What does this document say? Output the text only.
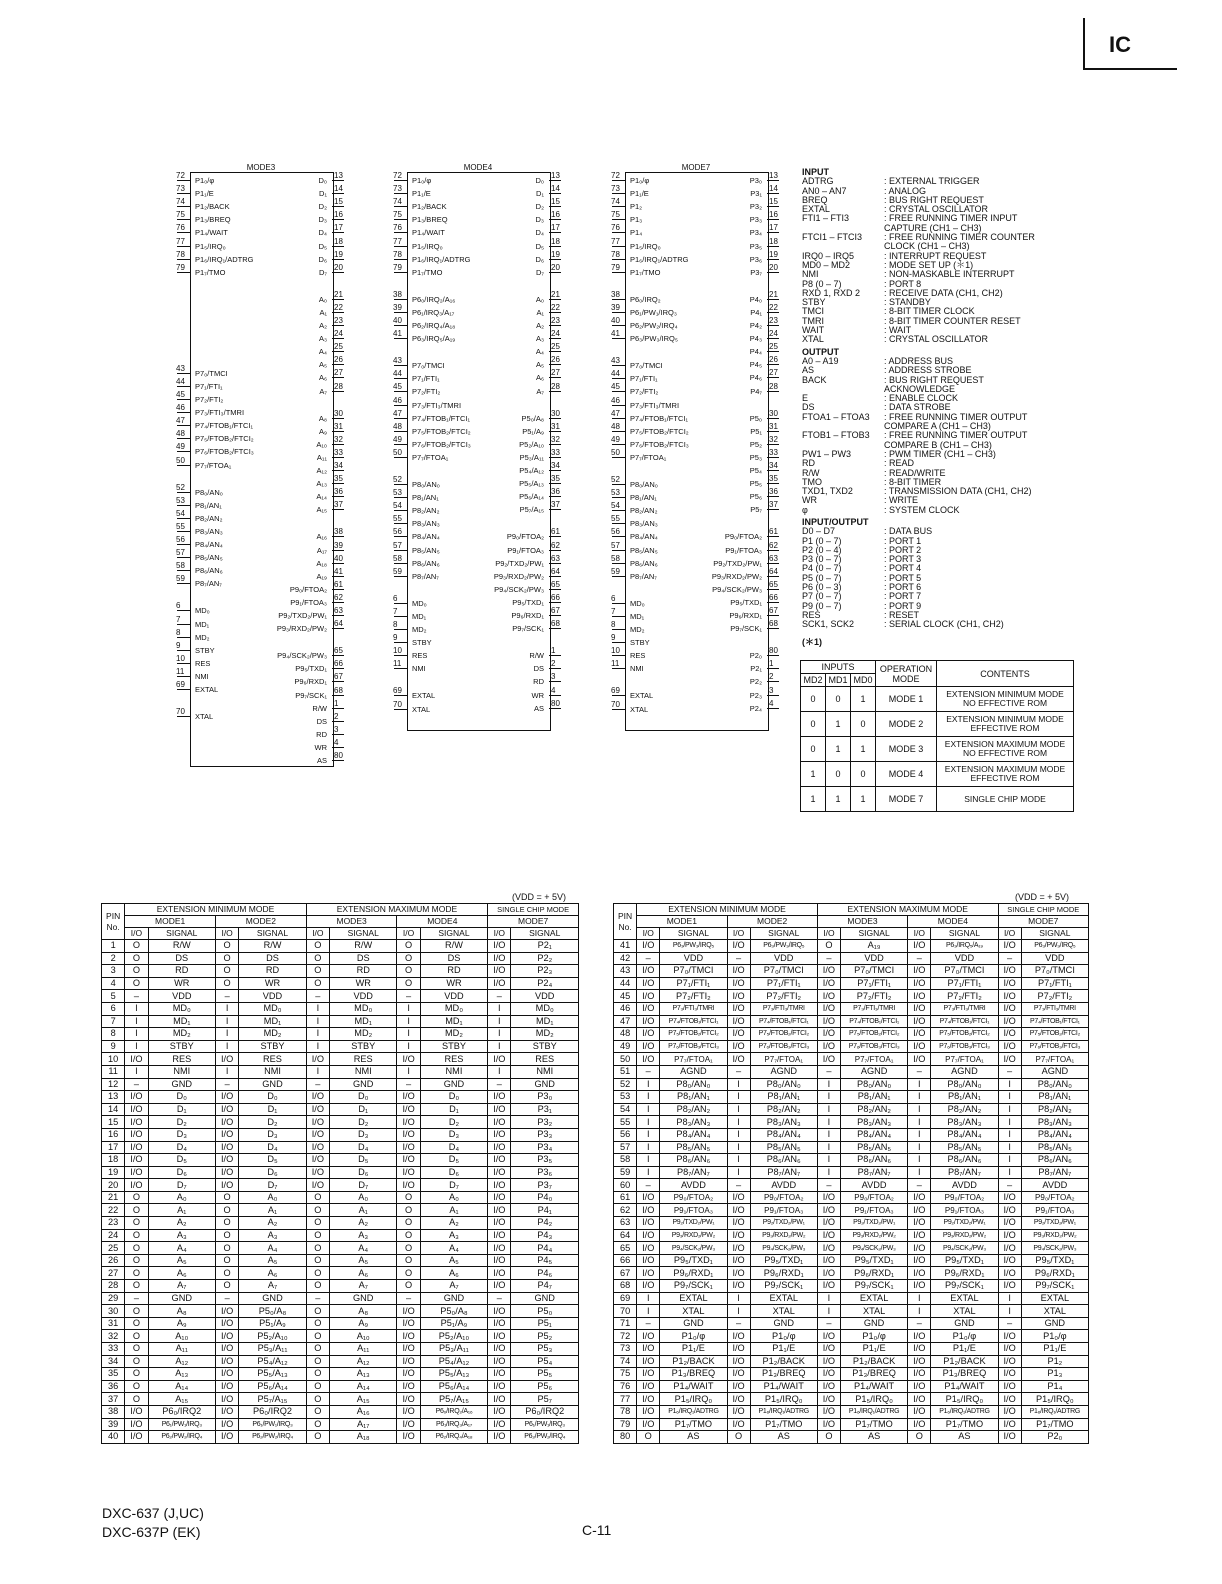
IC
MODE3
P1₀/φ
72
P1₁/E
73
P1₂/BACK
74
P1₃/BREQ
75
P1₄/WAIT
76
P1₅/IRQ₀
77
P1₆/IRQ₁/ADTRG
78
P1₇/TMO
79
P7₀/TMCI
43
P7₁/FTI₁
44
P7₂/FTI₂
45
P7₃/FTI₃/TMRI
46
P7₄/FTOB₁/FTCI₁
47
P7₅/FTOB₂/FTCI₂
48
P7₆/FTOB₂/FTCI₃
49
P7₇/FTOA₁
50
P8₀/AN₀
52
P8₁/AN₁
53
P8₂/AN₂
54
P8₃/AN₃
55
P8₄/AN₄
56
P8₅/AN₅
57
P8₆/AN₆
58
P8₇/AN₇
59
MD₀
6
MD₁
7
MD₂
8
STBY
9
RES
10
NMI
11
EXTAL
69
XTAL
70
D₀
13
D₁
14
D₂
15
D₃
16
D₄
17
D₅
18
D₆
19
D₇
20
A₀
21
A₁
22
A₂
23
A₃
24
A₄
25
A₅
26
A₆
27
A₇
28
A₈
30
A₉
31
A₁₀
32
A₁₁
33
A₁₂
34
A₁₃
35
A₁₄
36
A₁₅
37
A₁₆
38
A₁₇
39
A₁₈
40
A₁₉
41
P9₀/FTOA₂
61
P9₁/FTOA₃
62
P9₂/TXD₂/PW₁
63
P9₃/RXD₂/PW₂
64
P9₄/SCK₂/PW₃
65
P9₅/TXD₁
66
P9₆/RXD₁
67
P9₇/SCK₁
68
R/W
1
DS
2
RD
3
WR
4
AS
80
MODE4
P1₀/φ
72
P1₁/E
73
P1₂/BACK
74
P1₃/BREQ
75
P1₄/WAIT
76
P1₅/IRQ₀
77
P1₆/IRQ₁/ADTRG
78
P1₇/TMO
79
P6₀/IRQ₂/A₁₆
38
P6₁/IRQ₃/A₁₇
39
P6₂/IRQ₄/A₁₈
40
P6₃/IRQ₅/A₁₉
41
P7₀/TMCI
43
P7₁/FTI₁
44
P7₂/FTI₂
45
P7₃/FTI₃/TMRI
46
P7₄/FTOB₁/FTCI₁
47
P7₅/FTOB₂/FTCI₂
48
P7₆/FTOB₂/FTCI₃
49
P7₇/FTOA₁
50
P8₀/AN₀
52
P8₁/AN₁
53
P8₂/AN₂
54
P8₃/AN₃
55
P8₄/AN₄
56
P8₅/AN₅
57
P8₆/AN₆
58
P8₇/AN₇
59
MD₀
6
MD₁
7
MD₂
8
STBY
9
RES
10
NMI
11
EXTAL
69
XTAL
70
D₀
13
D₁
14
D₂
15
D₃
16
D₄
17
D₅
18
D₆
19
D₇
20
A₀
21
A₁
22
A₂
23
A₃
24
A₄
25
A₅
26
A₆
27
A₇
28
P5₀/A₈
30
P5₁/A₉
31
P5₂/A₁₀
32
P5₃/A₁₁
33
P5₄/A₁₂
34
P5₅/A₁₃
35
P5₆/A₁₄
36
P5₇/A₁₅
37
P9₀/FTOA₂
61
P9₁/FTOA₃
62
P9₂/TXD₂/PW₁
63
P9₃/RXD₂/PW₂
64
P9₄/SCK₂/PW₃
65
P9₅/TXD₁
66
P9₆/RXD₁
67
P9₇/SCK₁
68
R/W
1
DS
2
RD
3
WR
4
AS
80
MODE7
P1₀/φ
72
P1₁/E
73
P1₂
74
P1₃
75
P1₄
76
P1₅/IRQ₀
77
P1₆/IRQ₁/ADTRG
78
P1₇/TMO
79
P6₀/IRQ₂
38
P6₁/PW₁/IRQ₃
39
P6₂/PW₂/IRQ₄
40
P6₃/PW₃/IRQ₅
41
P7₀/TMCI
43
P7₁/FTI₁
44
P7₂/FTI₂
45
P7₃/FTI₃/TMRI
46
P7₄/FTOB₁/FTCI₁
47
P7₅/FTOB₂/FTCI₂
48
P7₆/FTOB₂/FTCI₃
49
P7₇/FTOA₁
50
P8₀/AN₀
52
P8₁/AN₁
53
P8₂/AN₂
54
P8₃/AN₃
55
P8₄/AN₄
56
P8₅/AN₅
57
P8₆/AN₆
58
P8₇/AN₇
59
MD₀
6
MD₁
7
MD₂
8
STBY
9
RES
10
NMI
11
EXTAL
69
XTAL
70
P3₀
13
P3₁
14
P3₂
15
P3₃
16
P3₄
17
P3₅
18
P3₆
19
P3₇
20
P4₀
21
P4₁
22
P4₂
23
P4₃
24
P4₄
25
P4₅
26
P4₆
27
P4₇
28
P5₀
30
P5₁
31
P5₂
32
P5₃
33
P5₄
34
P5₅
35
P5₆
36
P5₇
37
P9₀/FTOA₂
61
P9₁/FTOA₃
62
P9₂/TXD₂/PW₁
63
P9₃/RXD₂/PW₂
64
P9₄/SCK₂/PW₃
65
P9₅/TXD₁
66
P9₆/RXD₁
67
P9₇/SCK₁
68
P2₀
80
P2₁
1
P2₂
2
P2₃
3
P2₄
4
INPUT
ADTRG	: EXTERNAL TRIGGER
AN0 – AN7	: ANALOG
BREQ	: BUS RIGHT REQUEST
EXTAL	: CRYSTAL OSCILLATOR
FTI1 – FTI3	: FREE RUNNING TIMER INPUT
CAPTURE (CH1 – CH3)
FTCI1 – FTCI3	: FREE RUNNING TIMER COUNTER
CLOCK (CH1 – CH3)
IRQ0 – IRQ5	: INTERRUPT REQUEST
MD0 – MD2	: MODE SET UP (＊1)
NMI	: NON-MASKABLE INTERRUPT
P8 (0 – 7)	: PORT 8
RXD 1, RXD 2	: RECEIVE DATA (CH1, CH2)
STBY	: STANDBY
TMCI	: 8-BIT TIMER CLOCK
TMRI	: 8-BIT TIMER COUNTER RESET
WAIT	: WAIT
XTAL	: CRYSTAL OSCILLATOR
OUTPUT
A0 – A19	: ADDRESS BUS
AS	: ADDRESS STROBE
BACK	: BUS RIGHT REQUEST
ACKNOWLEDGE
E	: ENABLE CLOCK
DS	: DATA STROBE
FTOA1 – FTOA3	: FREE RUNNING TIMER OUTPUT
COMPARE A (CH1 – CH3)
FTOB1 – FTOB3	: FREE RUNNING TIMER OUTPUT
COMPARE B (CH1 – CH3)
PW1 – PW3	: PWM TIMER (CH1 – CH3)
RD	: READ
R/W	: READ/WRITE
TMO	: 8-BIT TIMER
TXD1, TXD2	: TRANSMISSION DATA (CH1, CH2)
WR	: WRITE
φ	: SYSTEM CLOCK
INPUT/OUTPUT
D0 – D7	: DATA BUS
P1 (0 – 7)	: PORT 1
P2 (0 – 4)	: PORT 2
P3 (0 – 7)	: PORT 3
P4 (0 – 7)	: PORT 4
P5 (0 – 7)	: PORT 5
P6 (0 – 3)	: PORT 6
P7 (0 – 7)	: PORT 7
P9 (0 – 7)	: PORT 9
RES	: RESET
SCK1, SCK2	: SERIAL CLOCK (CH1, CH2)
(＊1)
INPUTS			OPERATION MODE	CONTENTS
MD2	MD1	MD0		
0	0	1	MODE 1	EXTENSION MINIMUM MODE NO EFFECTIVE ROM
0	1	0	MODE 2	EXTENSION MINIMUM MODE EFFECTIVE ROM
0	1	1	MODE 3	EXTENSION MAXIMUM MODE NO EFFECTIVE ROM
1	0	0	MODE 4	EXTENSION MAXIMUM MODE EFFECTIVE ROM
1	1	1	MODE 7	SINGLE CHIP MODE
(VDD = + 5V)
PIN No.	EXTENSION MINIMUM MODE				EXTENSION MAXIMUM MODE				SINGLE CHIP MODE	
	MODE1		MODE2		MODE3		MODE4		MODE7	
	I/O	SIGNAL	I/O	SIGNAL	I/O	SIGNAL	I/O	SIGNAL	I/O	SIGNAL
1	O	R/W	O	R/W	O	R/W	O	R/W	I/O	P2₁
2	O	DS	O	DS	O	DS	O	DS	I/O	P2₂
3	O	RD	O	RD	O	RD	O	RD	I/O	P2₃
4	O	WR	O	WR	O	WR	O	WR	I/O	P2₄
5	–	VDD	–	VDD	–	VDD	–	VDD	–	VDD
6	I	MD₀	I	MD₀	I	MD₀	I	MD₀	I	MD₀
7	I	MD₁	I	MD₁	I	MD₁	I	MD₁	I	MD₁
8	I	MD₂	I	MD₂	I	MD₂	I	MD₂	I	MD₂
9	I	STBY	I	STBY	I	STBY	I	STBY	I	STBY
10	I/O	RES	I/O	RES	I/O	RES	I/O	RES	I/O	RES
11	I	NMI	I	NMI	I	NMI	I	NMI	I	NMI
12	–	GND	–	GND	–	GND	–	GND	–	GND
13	I/O	D₀	I/O	D₀	I/O	D₀	I/O	D₀	I/O	P3₀
14	I/O	D₁	I/O	D₁	I/O	D₁	I/O	D₁	I/O	P3₁
15	I/O	D₂	I/O	D₂	I/O	D₂	I/O	D₂	I/O	P3₂
16	I/O	D₃	I/O	D₃	I/O	D₃	I/O	D₃	I/O	P3₃
17	I/O	D₄	I/O	D₄	I/O	D₄	I/O	D₄	I/O	P3₄
18	I/O	D₅	I/O	D₅	I/O	D₅	I/O	D₅	I/O	P3₅
19	I/O	D₆	I/O	D₆	I/O	D₆	I/O	D₆	I/O	P3₆
20	I/O	D₇	I/O	D₇	I/O	D₇	I/O	D₇	I/O	P3₇
21	O	A₀	O	A₀	O	A₀	O	A₀	I/O	P4₀
22	O	A₁	O	A₁	O	A₁	O	A₁	I/O	P4₁
23	O	A₂	O	A₂	O	A₂	O	A₂	I/O	P4₂
24	O	A₃	O	A₃	O	A₃	O	A₃	I/O	P4₃
25	O	A₄	O	A₄	O	A₄	O	A₄	I/O	P4₄
26	O	A₅	O	A₅	O	A₅	O	A₅	I/O	P4₅
27	O	A₆	O	A₆	O	A₆	O	A₆	I/O	P4₆
28	O	A₇	O	A₇	O	A₇	O	A₇	I/O	P4₇
29	–	GND	–	GND	–	GND	–	GND	–	GND
30	O	A₈	I/O	P5₀/A₈	O	A₈	I/O	P5₀/A₈	I/O	P5₀
31	O	A₉	I/O	P5₁/A₉	O	A₉	I/O	P5₁/A₉	I/O	P5₁
32	O	A₁₀	I/O	P5₂/A₁₀	O	A₁₀	I/O	P5₂/A₁₀	I/O	P5₂
33	O	A₁₁	I/O	P5₃/A₁₁	O	A₁₁	I/O	P5₃/A₁₁	I/O	P5₃
34	O	A₁₂	I/O	P5₄/A₁₂	O	A₁₂	I/O	P5₄/A₁₂	I/O	P5₄
35	O	A₁₃	I/O	P5₅/A₁₃	O	A₁₃	I/O	P5₅/A₁₃	I/O	P5₅
36	O	A₁₄	I/O	P5₆/A₁₄	O	A₁₄	I/O	P5₆/A₁₄	I/O	P5₆
37	O	A₁₅	I/O	P5₇/A₁₅	O	A₁₅	I/O	P5₇/A₁₅	I/O	P5₇
38	I/O	P6₀/IRQ2	I/O	P6₀/IRQ2	O	A₁₆	I/O	P6₀/IRQ₂/A₁₆	I/O	P6₀/IRQ2
39	I/O	P6₁/PW₁/IRQ₃	I/O	P6₁/PW₁/IRQ₃	O	A₁₇	I/O	P6₁/IRQ₃/A₁₇	I/O	P6₁/PW₁/IRQ₃
40	I/O	P6₂/PW₂/IRQ₄	I/O	P6₂/PW₂/IRQ₄	O	A₁₈	I/O	P6₂/IRQ₄/A₁₈	I/O	P6₂/PW₂/IRQ₄
(VDD = + 5V)
PIN No.	EXTENSION MINIMUM MODE				EXTENSION MAXIMUM MODE				SINGLE CHIP MODE	
	MODE1		MODE2		MODE3		MODE4		MODE7	
	I/O	SIGNAL	I/O	SIGNAL	I/O	SIGNAL	I/O	SIGNAL	I/O	SIGNAL
41	I/O	P6₃/PW₃/IRQ₅	I/O	P6₃/PW₃/IRQ₅	O	A₁₉	I/O	P6₃/IRQ₅/A₁₉	I/O	P6₃/PW₃/IRQ₅
42	–	VDD	–	VDD	–	VDD	–	VDD	–	VDD
43	I/O	P7₀/TMCI	I/O	P7₀/TMCI	I/O	P7₀/TMCI	I/O	P7₀/TMCI	I/O	P7₀/TMCI
44	I/O	P7₁/FTI₁	I/O	P7₁/FTI₁	I/O	P7₁/FTI₁	I/O	P7₁/FTI₁	I/O	P7₁/FTI₁
45	I/O	P7₂/FTI₂	I/O	P7₂/FTI₂	I/O	P7₂/FTI₂	I/O	P7₂/FTI₂	I/O	P7₂/FTI₂
46	I/O	P7₃/FTI₃/TMRI	I/O	P7₃/FTI₃/TMRI	I/O	P7₃/FTI₃/TMRI	I/O	P7₃/FTI₃/TMRI	I/O	P7₃/FTI₃/TMRI
47	I/O	P7₄/FTOB₁/FTCI₁	I/O	P7₄/FTOB₁/FTCI₁	I/O	P7₄/FTOB₁/FTCI₁	I/O	P7₄/FTOB₁/FTCI₁	I/O	P7₄/FTOB₁/FTCI₁
48	I/O	P7₅/FTOB₂/FTCI₂	I/O	P7₅/FTOB₂/FTCI₂	I/O	P7₅/FTOB₂/FTCI₂	I/O	P7₅/FTOB₂/FTCI₂	I/O	P7₅/FTOB₂/FTCI₂
49	I/O	P7₆/FTOB₃/FTCI₃	I/O	P7₆/FTOB₃/FTCI₃	I/O	P7₆/FTOB₃/FTCI₃	I/O	P7₆/FTOB₃/FTCI₃	I/O	P7₆/FTOB₃/FTCI₃
50	I/O	P7₇/FTOA₁	I/O	P7₇/FTOA₁	I/O	P7₇/FTOA₁	I/O	P7₇/FTOA₁	I/O	P7₇/FTOA₁
51	–	AGND	–	AGND	–	AGND	–	AGND	–	AGND
52	I	P8₀/AN₀	I	P8₀/AN₀	I	P8₀/AN₀	I	P8₀/AN₀	I	P8₀/AN₀
53	I	P8₁/AN₁	I	P8₁/AN₁	I	P8₁/AN₁	I	P8₁/AN₁	I	P8₁/AN₁
54	I	P8₂/AN₂	I	P8₂/AN₂	I	P8₂/AN₂	I	P8₂/AN₂	I	P8₂/AN₂
55	I	P8₃/AN₃	I	P8₃/AN₃	I	P8₃/AN₃	I	P8₃/AN₃	I	P8₃/AN₃
56	I	P8₄/AN₄	I	P8₄/AN₄	I	P8₄/AN₄	I	P8₄/AN₄	I	P8₄/AN₄
57	I	P8₅/AN₅	I	P8₅/AN₅	I	P8₅/AN₅	I	P8₅/AN₅	I	P8₅/AN₅
58	I	P8₆/AN₆	I	P8₆/AN₆	I	P8₆/AN₆	I	P8₆/AN₆	I	P8₆/AN₆
59	I	P8₇/AN₇	I	P8₇/AN₇	I	P8₇/AN₇	I	P8₇/AN₇	I	P8₇/AN₇
60	–	AVDD	–	AVDD	–	AVDD	–	AVDD	–	AVDD
61	I/O	P9₀/FTOA₂	I/O	P9₀/FTOA₂	I/O	P9₀/FTOA₂	I/O	P9₀/FTOA₂	I/O	P9₀/FTOA₂
62	I/O	P9₁/FTOA₃	I/O	P9₁/FTOA₃	I/O	P9₁/FTOA₃	I/O	P9₁/FTOA₃	I/O	P9₁/FTOA₃
63	I/O	P9₂/TXD₂/PW₁	I/O	P9₂/TXD₂/PW₁	I/O	P9₂/TXD₂/PW₁	I/O	P9₂/TXD₂/PW₁	I/O	P9₂/TXD₂/PW₁
64	I/O	P9₃/RXD₂/PW₂	I/O	P9₃/RXD₂/PW₂	I/O	P9₃/RXD₂/PW₂	I/O	P9₃/RXD₂/PW₂	I/O	P9₃/RXD₂/PW₂
65	I/O	P9₄/SCK₂/PW₃	I/O	P9₄/SCK₂/PW₃	I/O	P9₄/SCK₂/PW₃	I/O	P9₄/SCK₂/PW₃	I/O	P9₄/SCK₂/PW₃
66	I/O	P9₅/TXD₁	I/O	P9₅/TXD₁	I/O	P9₅/TXD₁	I/O	P9₅/TXD₁	I/O	P9₅/TXD₁
67	I/O	P9₆/RXD₁	I/O	P9₆/RXD₁	I/O	P9₆/RXD₁	I/O	P9₆/RXD₁	I/O	P9₆/RXD₁
68	I/O	P9₇/SCK₁	I/O	P9₇/SCK₁	I/O	P9₇/SCK₁	I/O	P9₇/SCK₁	I/O	P9₇/SCK₁
69	I	EXTAL	I	EXTAL	I	EXTAL	I	EXTAL	I	EXTAL
70	I	XTAL	I	XTAL	I	XTAL	I	XTAL	I	XTAL
71	–	GND	–	GND	–	GND	–	GND	–	GND
72	I/O	P1₀/φ	I/O	P1₀/φ	I/O	P1₀/φ	I/O	P1₀/φ	I/O	P1₀/φ
73	I/O	P1₁/E	I/O	P1₁/E	I/O	P1₁/E	I/O	P1₁/E	I/O	P1₁/E
74	I/O	P1₂/BACK	I/O	P1₂/BACK	I/O	P1₂/BACK	I/O	P1₂/BACK	I/O	P1₂
75	I/O	P1₃/BREQ	I/O	P1₃/BREQ	I/O	P1₃/BREQ	I/O	P1₃/BREQ	I/O	P1₃
76	I/O	P1₄/WAIT	I/O	P1₄/WAIT	I/O	P1₄/WAIT	I/O	P1₄/WAIT	I/O	P1₄
77	I/O	P1₅/IRQ₀	I/O	P1₅/IRQ₀	I/O	P1₅/IRQ₀	I/O	P1₅/IRQ₀	I/O	P1₅/IRQ₀
78	I/O	P1₆/IRQ₁/ADTRG	I/O	P1₆/IRQ₁/ADTRG	I/O	P1₆/IRQ₁/ADTRG	I/O	P1₆/IRQ₁/ADTRG	I/O	P1₆/IRQ₁/ADTRG
79	I/O	P1₇/TMO	I/O	P1₇/TMO	I/O	P1₇/TMO	I/O	P1₇/TMO	I/O	P1₇/TMO
80	O	AS	O	AS	O	AS	O	AS	I/O	P2₀
DXC-637 (J,UC)
DXC-637P (EK)	C-11
